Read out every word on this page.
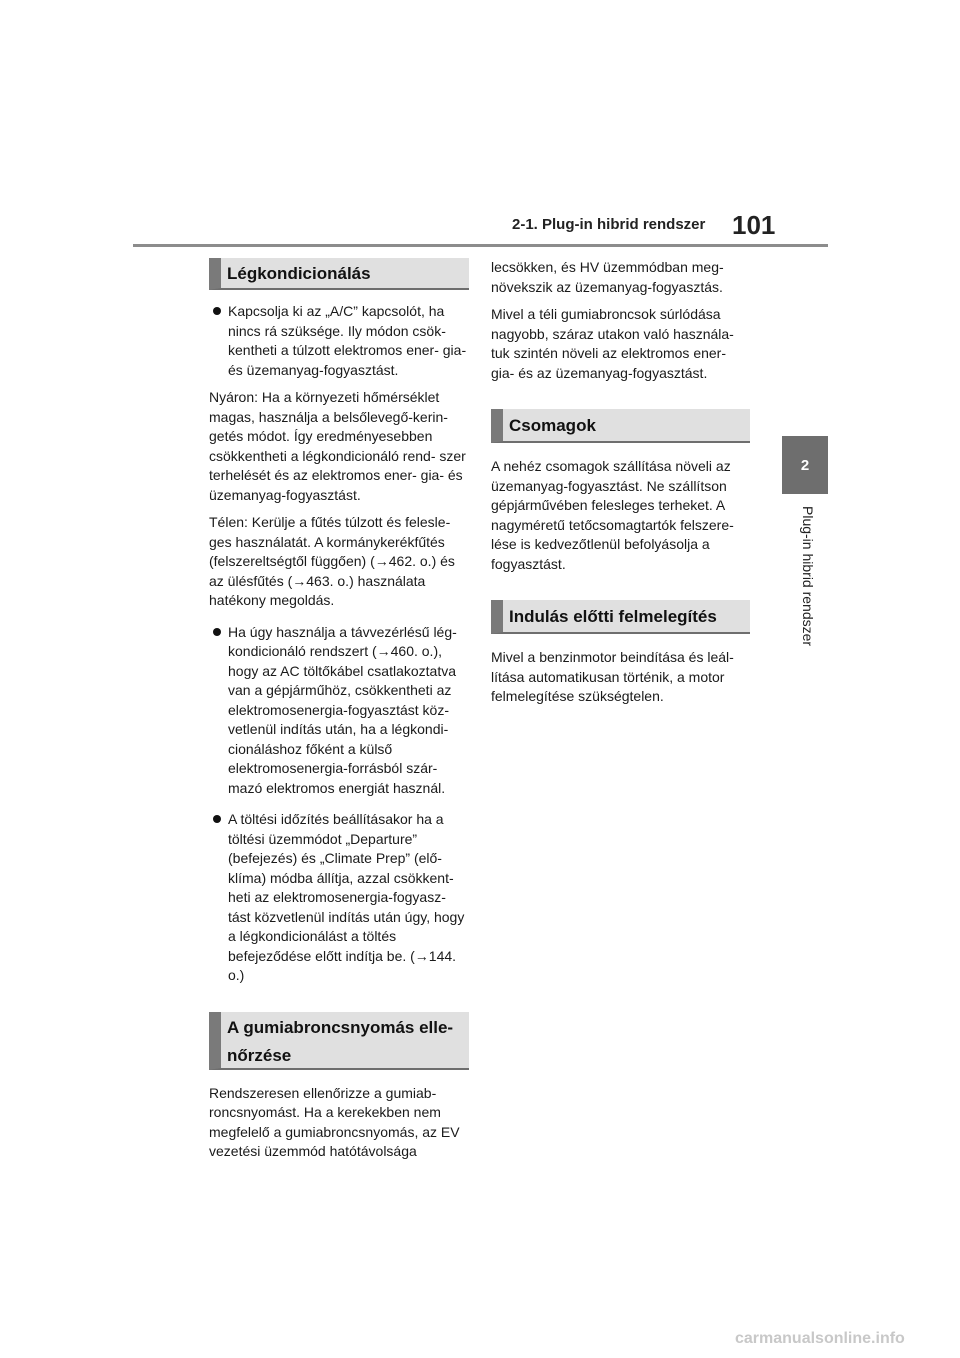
2-1. Plug-in hibrid rendszer 101
2
Plug-in hibrid rendszer
Légkondicionálás
Kapcsolja ki az „A/C” kapcsolót, ha nincs rá szüksége. Ily módon csök- kentheti a túlzott elektromos ener- gia- és üzemanyag-fogyasztást.

Nyáron: Ha a környezeti hőmérséklet magas, használja a belsőlevegő-kerin- getés módot. Így eredményesebben csökkentheti a légkondicionáló rend- szer terhelését és az elektromos ener- gia- és üzemanyag-fogyasztást.

Télen: Kerülje a fűtés túlzott és felesle- ges használatát. A kormánykerékfűtés (felszereltségtől függően) (→462. o.) és az ülésfűtés (→463. o.) használata hatékony megoldás.

Ha úgy használja a távvezérlésű lég- kondicionáló rendszert (→460. o.), hogy az AC töltőkábel csatlakoztatva van a gépjárműhöz, csökkentheti az elektromosenergia-fogyasztást köz- vetlenül indítás után, ha a légkondi- cionáláshoz főként a külső elektromosenergia-forrásból szár- mazó elektromos energiát használ.
A töltési időzítés beállításakor ha a töltési üzemmódot „Departure” (befejezés) és „Climate Prep” (elő- klíma) módba állítja, azzal csökkent- heti az elektromosenergia-fogyasz- tást közvetlenül indítás után úgy, hogy a légkondicionálást a töltés befejeződése előtt indítja be. (→144. o.)
A gumiabroncsnyomás elle- nőrzése

Rendszeresen ellenőrizze a gumiab- roncsnyomást. Ha a kerekekben nem megfelelő a gumiabroncsnyomás, az EV vezetési üzemmód hatótávolsága

lecsökken, és HV üzemmódban meg- növekszik az üzemanyag-fogyasztás.

Mivel a téli gumiabroncsok súrlódása nagyobb, száraz utakon való használa- tuk szintén növeli az elektromos ener- gia- és az üzemanyag-fogyasztást.

Csomagok

A nehéz csomagok szállítása növeli az üzemanyag-fogyasztást. Ne szállítson gépjárművében felesleges terheket. A nagyméretű tetőcsomagtartók felszere- lése is kedvezőtlenül befolyásolja a fogyasztást.

Indulás előtti felmelegítés

Mivel a benzinmotor beindítása és leál- lítása automatikusan történik, a motor felmelegítése szükségtelen.

carmanualsonline.info
